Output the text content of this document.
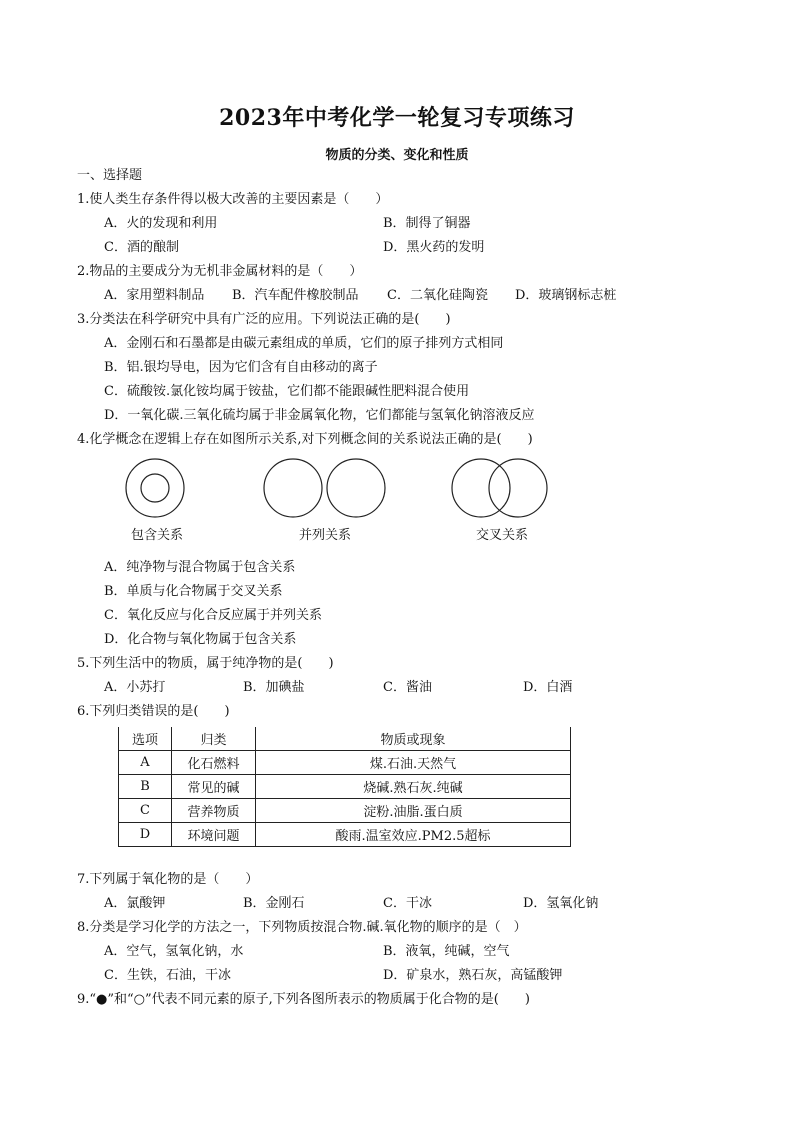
2023年中考化学一轮复习专项练习
物质的分类、变化和性质
一、选择题
1.使人类生存条件得以极大改善的主要因素是（　　）
A．火的发现和利用	B．制得了铜器
C．酒的酿制	D．黑火药的发明
2.物品的主要成分为无机非金属材料的是（　　）
A．家用塑料制品 B．汽车配件橡胶制品 C．二氧化硅陶瓷 D．玻璃钢标志桩
3.分类法在科学研究中具有广泛的应用。下列说法正确的是(　　)
A．金刚石和石墨都是由碳元素组成的单质，它们的原子排列方式相同
B．铝.银均导电，因为它们含有自由移动的离子
C．硫酸铵.氯化铵均属于铵盐，它们都不能跟碱性肥料混合使用
D．一氧化碳.三氧化硫均属于非金属氧化物，它们都能与氢氧化钠溶液反应
4.化学概念在逻辑上存在如图所示关系,对下列概念间的关系说法正确的是(　　)
包含关系	并列关系	交叉关系
A．纯净物与混合物属于包含关系
B．单质与化合物属于交叉关系
C．氧化反应与化合反应属于并列关系
D．化合物与氧化物属于包含关系
5.下列生活中的物质，属于纯净物的是(　　)
A．小苏打	B．加碘盐	C．酱油	D．白酒
6.下列归类错误的是(　　)
选项	归类	物质或现象
A	化石燃料	煤.石油.天然气
B	常见的碱	烧碱.熟石灰.纯碱
C	营养物质	淀粉.油脂.蛋白质
D	环境问题	酸雨.温室效应.PM2.5超标
7.下列属于氧化物的是（　　）
A．氯酸钾	B．金刚石	C．干冰	D．氢氧化钠
8.分类是学习化学的方法之一，下列物质按混合物.碱.氧化物的顺序的是（　）
A．空气，氢氧化钠，水	B．液氧，纯碱，空气
C．生铁，石油，干冰	D．矿泉水，熟石灰，高锰酸钾
9.“●”和“○”代表不同元素的原子,下列各图所表示的物质属于化合物的是(　　)
